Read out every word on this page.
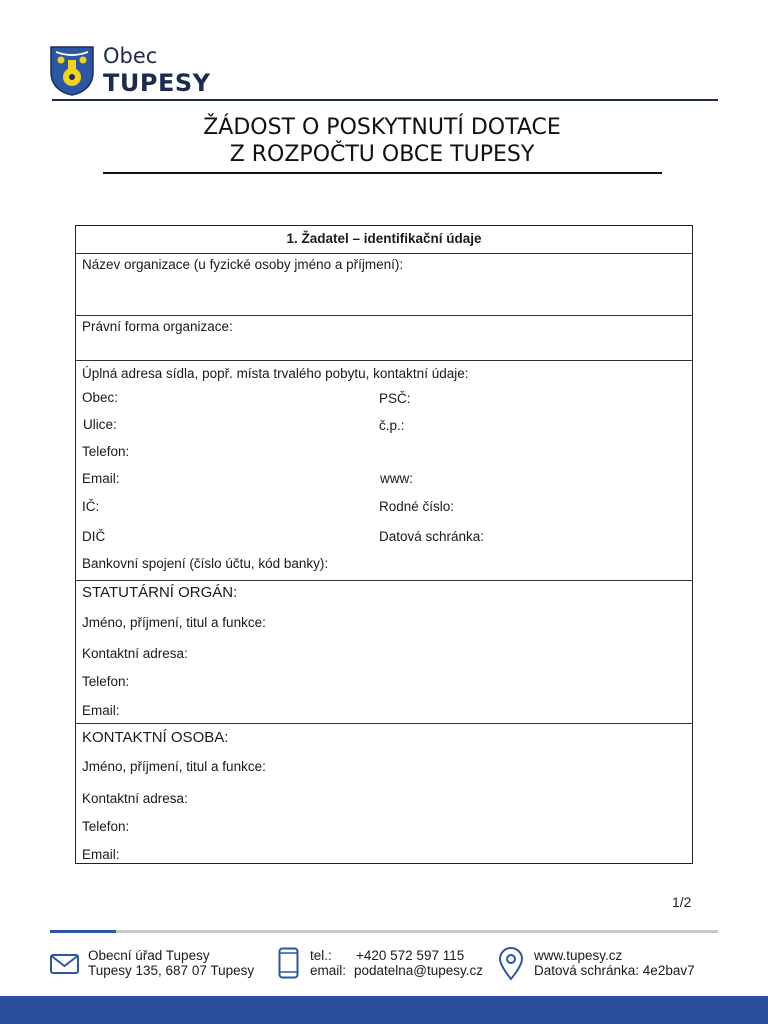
Obec
TUPESY
ŽÁDOST O POSKYTNUTÍ DOTACE
Z ROZPOČTU OBCE TUPESY
1. Žadatel – identifikační údaje
Název organizace (u fyzické osoby jméno a příjmení):
Právní forma organizace:
Úplná adresa sídla, popř. místa trvalého pobytu, kontaktní údaje:
Obec:	PSČ:
Ulice:	č.p.:
Telefon:
Email:	www:
IČ:	Rodné číslo:
DIČ	Datová schránka:
Bankovní spojení (číslo účtu, kód banky):
STATUTÁRNÍ ORGÁN:
Jméno, příjmení, titul a funkce:
Kontaktní adresa:
Telefon:
Email:
KONTAKTNÍ OSOBA:
Jméno, příjmení, titul a funkce:
Kontaktní adresa:
Telefon:
Email:
1/2
Obecní úřad Tupesy
Tupesy 135, 687 07 Tupesy
tel.: +420 572 597 115
email: podatelna@tupesy.cz
www.tupesy.cz
Datová schránka: 4e2bav7
